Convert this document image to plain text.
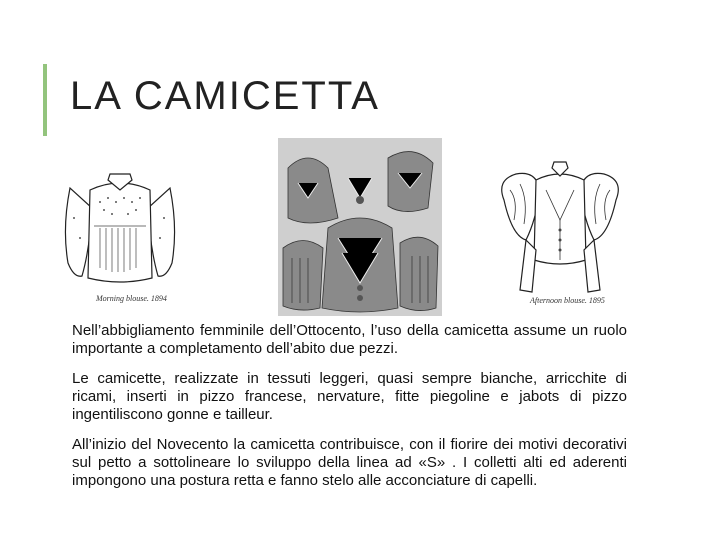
LA CAMICETTA
Morning blouse. 1894	Afternoon blouse. 1895

Nell’abbigliamento femminile dell’Ottocento, l’uso della camicetta assume un ruolo importante a completamento dell’abito due pezzi.

Le camicette, realizzate in tessuti leggeri, quasi sempre bianche, arricchite di ricami, inserti in pizzo francese, nervature, fitte piegoline e jabots di pizzo ingentiliscono gonne e tailleur.

All’inizio del Novecento la camicetta contribuisce, con il fiorire dei motivi decorativi sul petto a sottolineare lo sviluppo della linea ad «S» . I colletti alti ed aderenti impongono una postura retta e fanno stelo alle acconciature di capelli.
